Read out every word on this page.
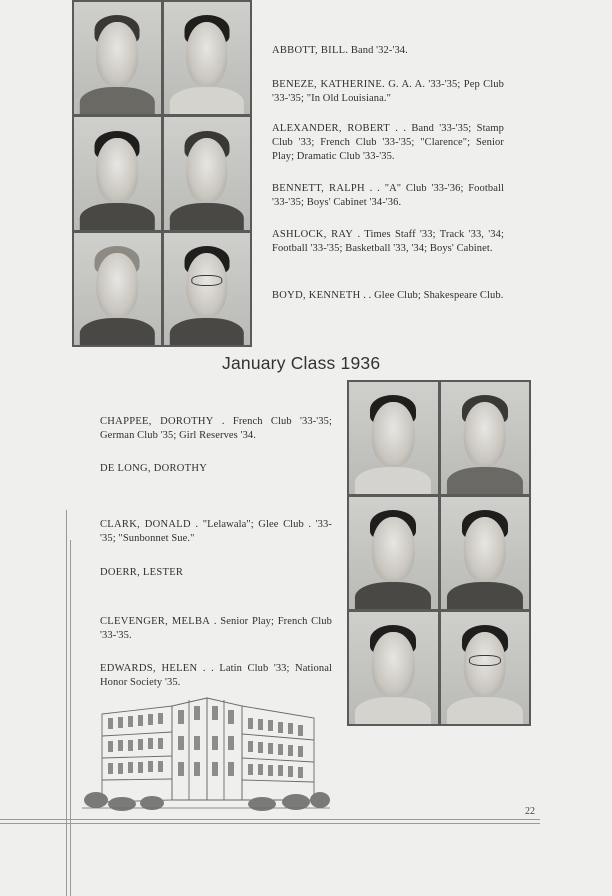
ABBOTT, BILL. Band '32-'34.
BENEZE, KATHERINE. G. A. A. '33-'35; Pep Club '33-'35; "In Old Louisiana."
ALEXANDER, ROBERT . . Band '33-'35; Stamp Club '33; French Club '33-'35; "Clarence"; Senior Play; Dramatic Club '33-'35.
BENNETT, RALPH . . "A" Club '33-'36; Football '33-'35; Boys' Cabinet '34-'36.
ASHLOCK, RAY . Times Staff '33; Track '33, '34; Football '33-'35; Basketball '33, '34; Boys' Cabinet.
BOYD, KENNETH . . Glee Club; Shakespeare Club.
January Class 1936
CHAPPEE, DOROTHY . French Club '33-'35; German Club '35; Girl Reserves '34.
DE LONG, DOROTHY
CLARK, DONALD . "Lelawala"; Glee Club . '33-'35; "Sunbonnet Sue."
DOERR, LESTER
CLEVENGER, MELBA . Senior Play; French Club '33-'35.
EDWARDS, HELEN . . Latin Club '33; National Honor Society '35.
22
